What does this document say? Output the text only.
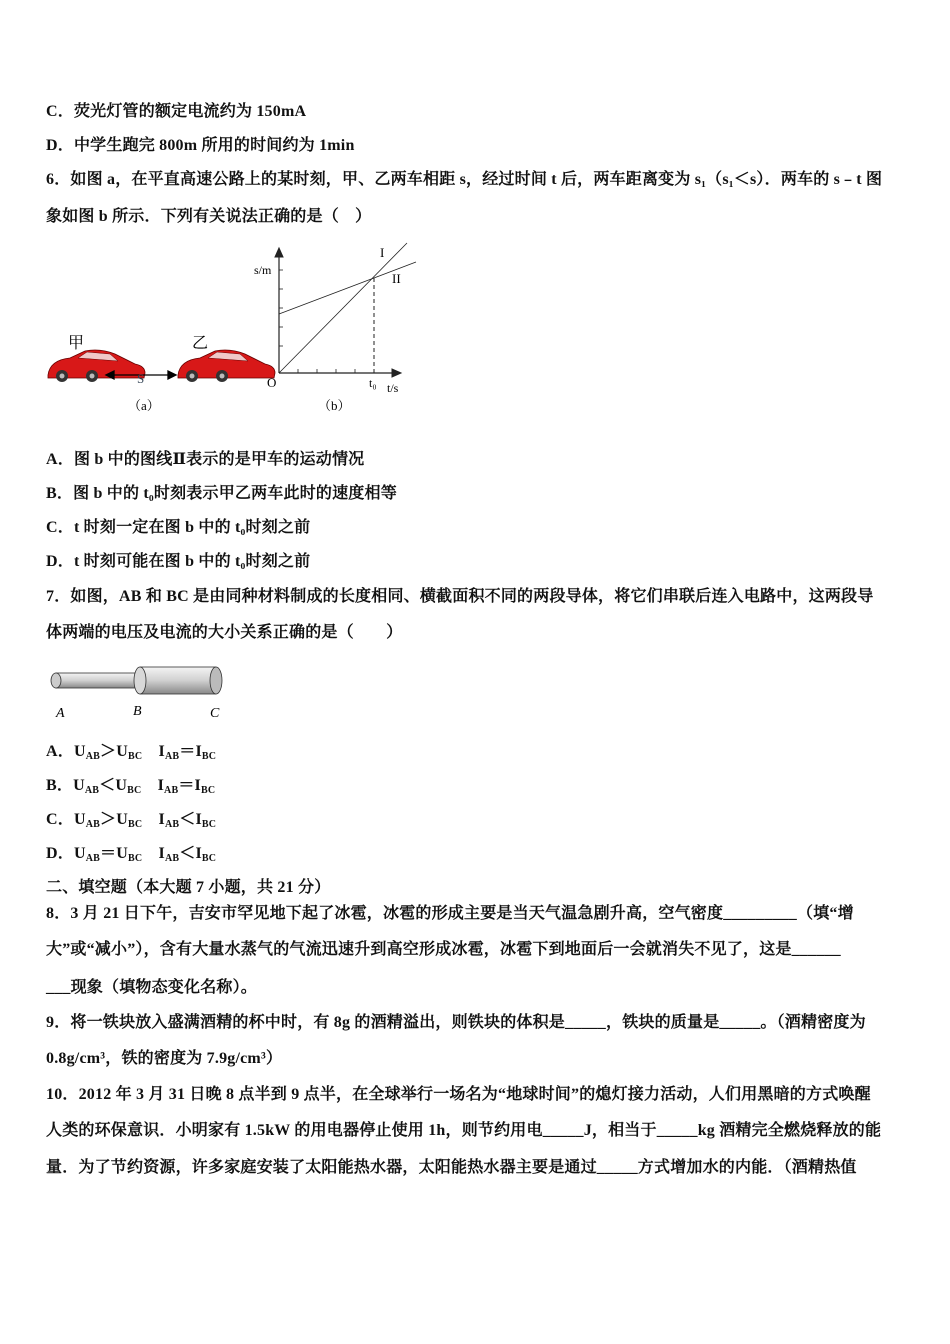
C．荧光灯管的额定电流约为 150mA
D．中学生跑完 800m 所用的时间约为 1min
6．如图 a，在平直高速公路上的某时刻，甲、乙两车相距 s，经过时间 t 后，两车距离变为 s₁（s₁＜s）．两车的 s﹣t 图
象如图 b 所示．下列有关说法正确的是（　）
甲	乙
S
（a）
s/m
O	t₀ t/s
I
II
（b）
A．图 b 中的图线Ⅱ表示的是甲车的运动情况
B．图 b 中的 t₀时刻表示甲乙两车此时的速度相等
C．t 时刻一定在图 b 中的 t₀时刻之前
D．t 时刻可能在图 b 中的 t₀时刻之前
7．如图，AB 和 BC 是由同种材料制成的长度相同、横截面积不同的两段导体，将它们串联后连入电路中，这两段导
体两端的电压及电流的大小关系正确的是（　　）
A	B	C
A．$U_{AB}>U_{BC}$  $I_{AB}=I_{BC}$
B．$U_{AB}<U_{BC}$  $I_{AB}=I_{BC}$
C．$U_{AB}>U_{BC}$  $I_{AB}<I_{BC}$
D．$U_{AB}=U_{BC}$  $I_{AB}<I_{BC}$
二、填空题（本大题 7 小题，共 21 分）
8．3 月 21 日下午，吉安市罕见地下起了冰雹，冰雹的形成主要是当天气温急剧升高，空气密度_________（填“增
大”或“减小”），含有大量水蒸气的气流迅速升到高空形成冰雹，冰雹下到地面后一会就消失不见了，这是______
___现象（填物态变化名称）。
9．将一铁块放入盛满酒精的杯中时，有 8g 的酒精溢出，则铁块的体积是_____，铁块的质量是_____。（酒精密度为
0.8g/cm³，铁的密度为 7.9g/cm³）
10．2012 年 3 月 31 日晚 8 点半到 9 点半，在全球举行一场名为“地球时间”的熄灯接力活动，人们用黑暗的方式唤醒
人类的环保意识．小明家有 1.5kW 的用电器停止使用 1h，则节约用电_____J，相当于_____kg 酒精完全燃烧释放的能
量．为了节约资源，许多家庭安装了太阳能热水器，太阳能热水器主要是通过_____方式增加水的内能．（酒精热值
